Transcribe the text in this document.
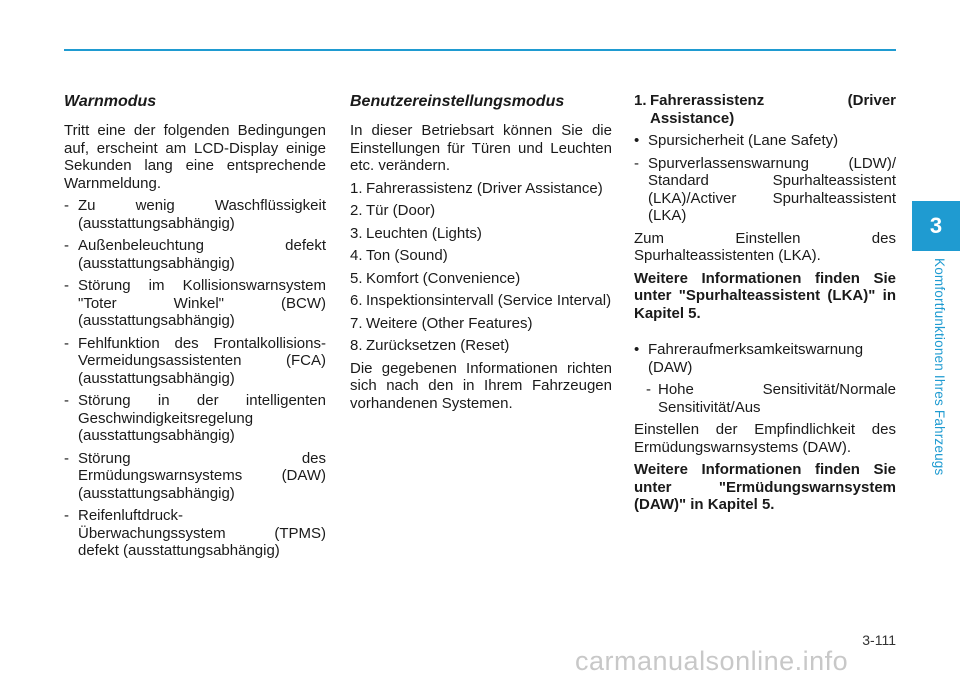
Warnmodus

Tritt eine der folgenden Bedingungen auf, erscheint am LCD-Display einige Sekunden lang eine entsprechende Warnmeldung.

- Zu wenig Waschflüssigkeit (ausstattungsabhängig)
- Außenbeleuchtung defekt (ausstattungsabhängig)
- Störung im Kollisionswarnsystem "Toter Winkel" (BCW) (ausstattungsabhängig)
- Fehlfunktion des Frontalkollisions-Vermeidungsassistenten (FCA) (ausstattungsabhängig)
- Störung in der intelligenten Geschwindigkeitsregelung (ausstattungsabhängig)
- Störung des Ermüdungswarnsystems (DAW) (ausstattungsabhängig)
- Reifenluftdruck-Überwachungssystem (TPMS) defekt (ausstattungsabhängig)
Benutzereinstellungsmodus

In dieser Betriebsart können Sie die Einstellungen für Türen und Leuchten etc. verändern.

1. Fahrerassistenz (Driver Assistance)
2. Tür (Door)
3. Leuchten (Lights)
4. Ton (Sound)
5. Komfort (Convenience)
6. Inspektionsintervall (Service Interval)
7. Weitere (Other Features)
8. Zurücksetzen (Reset)

Die gegebenen Informationen richten sich nach den in Ihrem Fahrzeugen vorhandenen Systemen.

1. Fahrerassistenz (Driver Assistance)
• Spursicherheit (Lane Safety)
- Spurverlassenswarnung (LDW)/ Standard Spurhalteassistent (LKA)/Activer Spurhalteassistent (LKA)

Zum Einstellen des Spurhalteassistenten (LKA).

Weitere Informationen finden Sie unter "Spurhalteassistent (LKA)" in Kapitel 5.

• Fahreraufmerksamkeitswarnung (DAW)
- Hohe Sensitivität/Normale Sensitivität/Aus

Einstellen der Empfindlichkeit des Ermüdungswarnsystems (DAW).

Weitere Informationen finden Sie unter "Ermüdungswarnsystem (DAW)" in Kapitel 5.

3
Komfortfunktionen Ihres Fahrzeugs
3-111
carmanualsonline.info
